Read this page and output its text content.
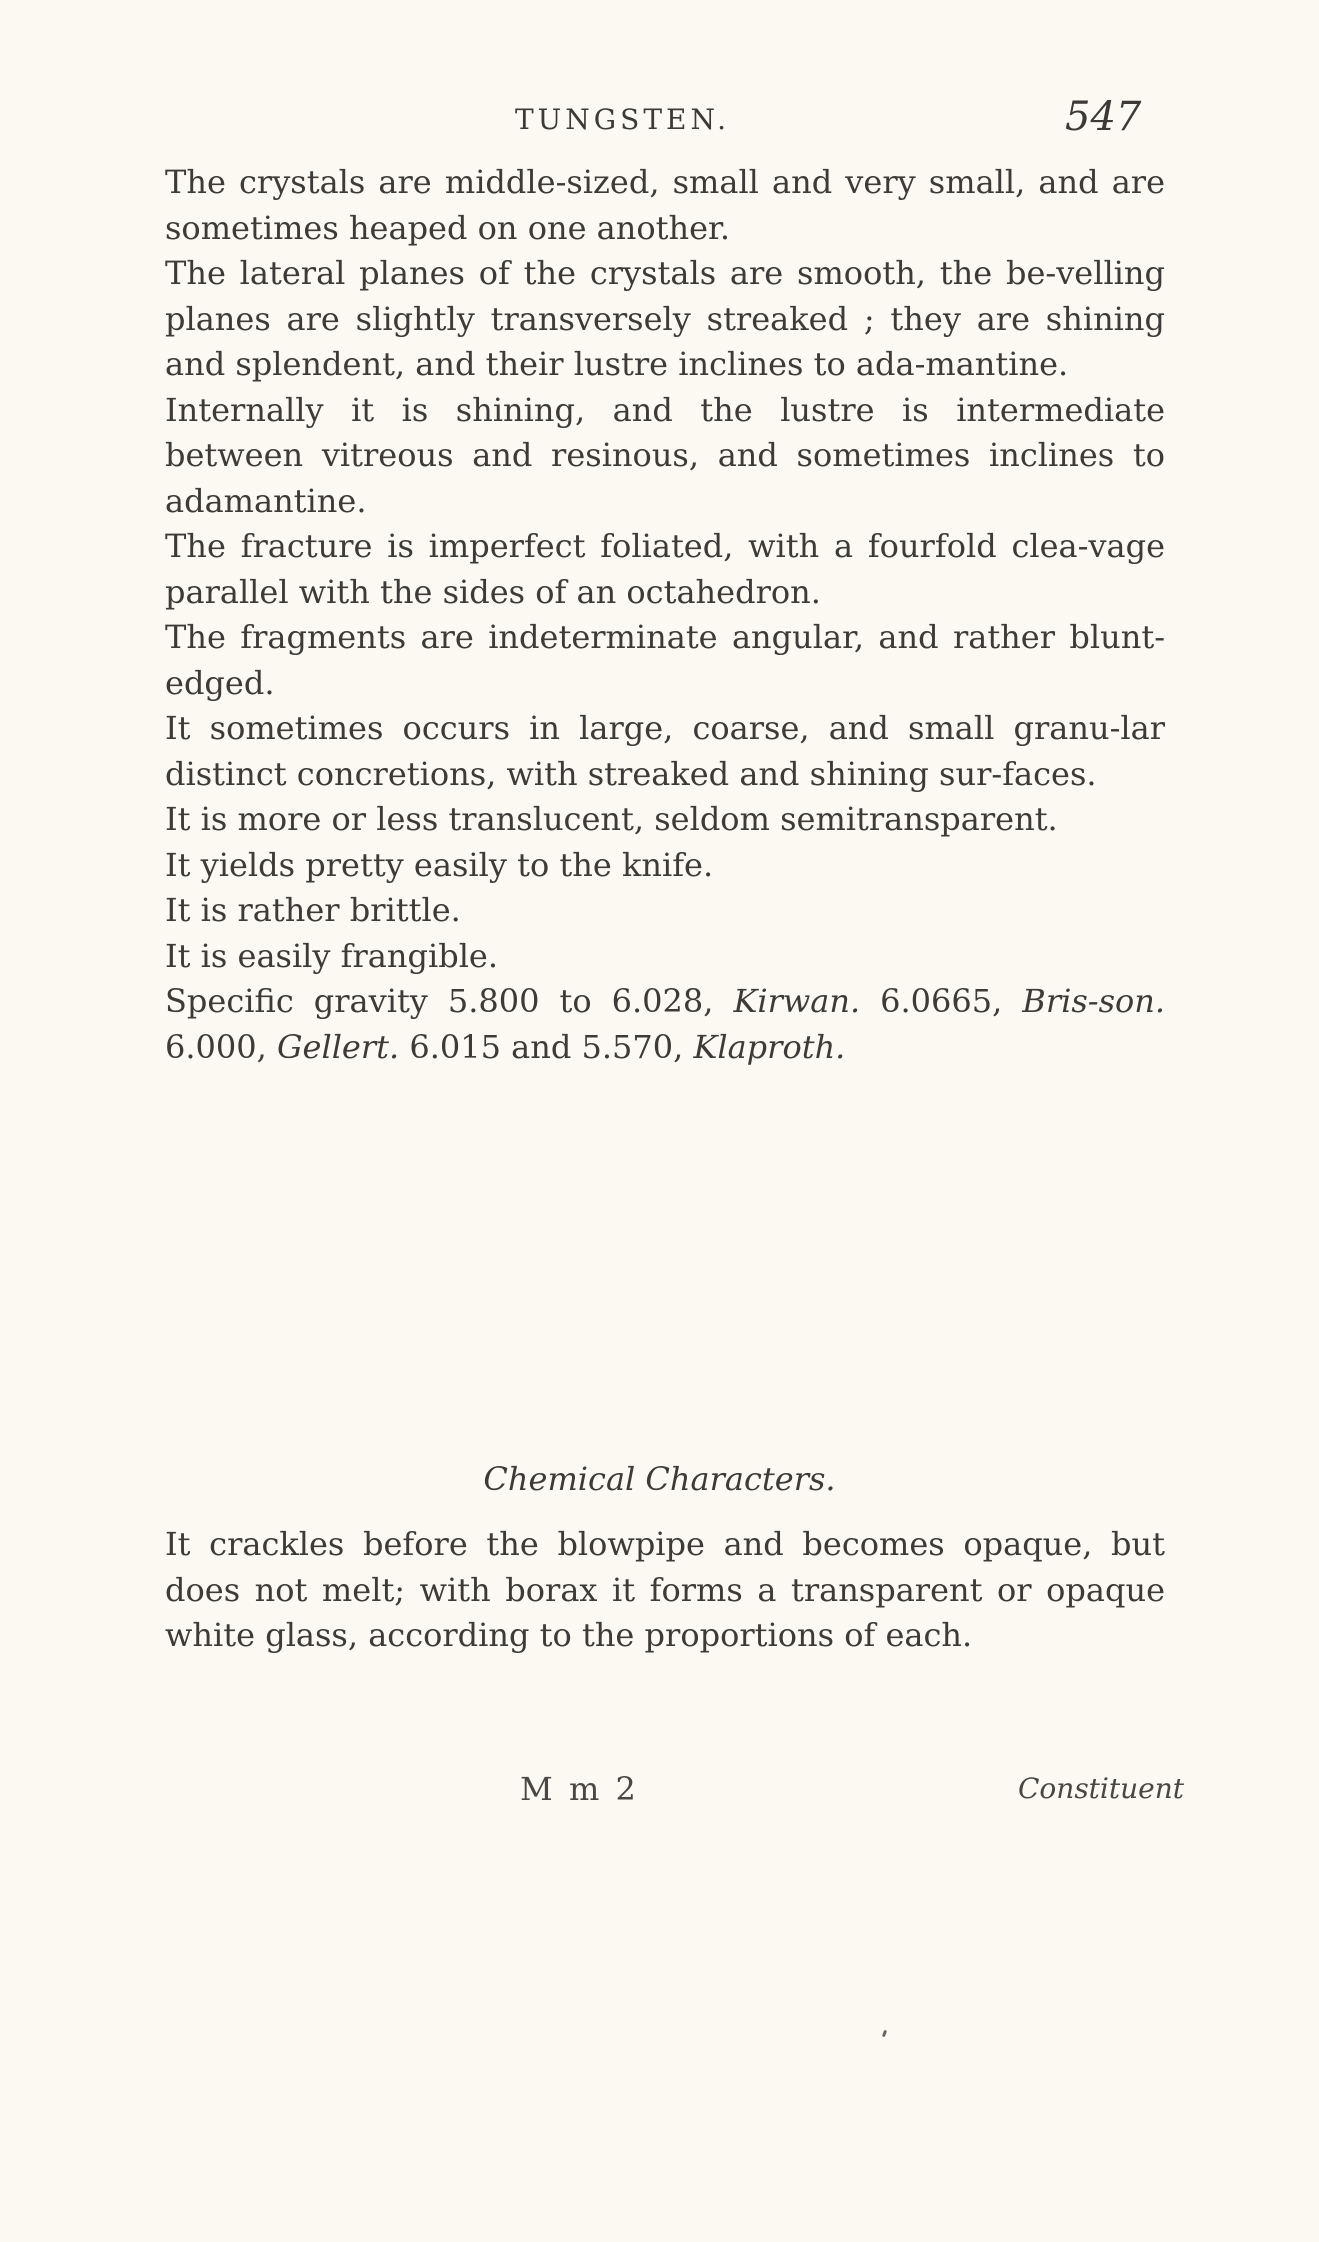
TUNGSTEN.	547

The crystals are middle-sized, small and very small, and are sometimes heaped on one another.

The lateral planes of the crystals are smooth, the be-velling planes are slightly transversely streaked ; they are shining and splendent, and their lustre inclines to ada-mantine.

Internally it is shining, and the lustre is intermediate between vitreous and resinous, and sometimes inclines to adamantine.

The fracture is imperfect foliated, with a fourfold clea-vage parallel with the sides of an octahedron.

The fragments are indeterminate angular, and rather blunt-edged.

It sometimes occurs in large, coarse, and small granu-lar distinct concretions, with streaked and shining sur-faces.

It is more or less translucent, seldom semitransparent.

It yields pretty easily to the knife.

It is rather brittle.

It is easily frangible.

Specific gravity 5.800 to 6.028, Kirwan. 6.0665, Bris-son. 6.000, Gellert. 6.015 and 5.570, Klaproth.

Chemical Characters.

It crackles before the blowpipe and becomes opaque, but does not melt; with borax it forms a transparent or opaque white glass, according to the proportions of each.

M m 2	Constituent
